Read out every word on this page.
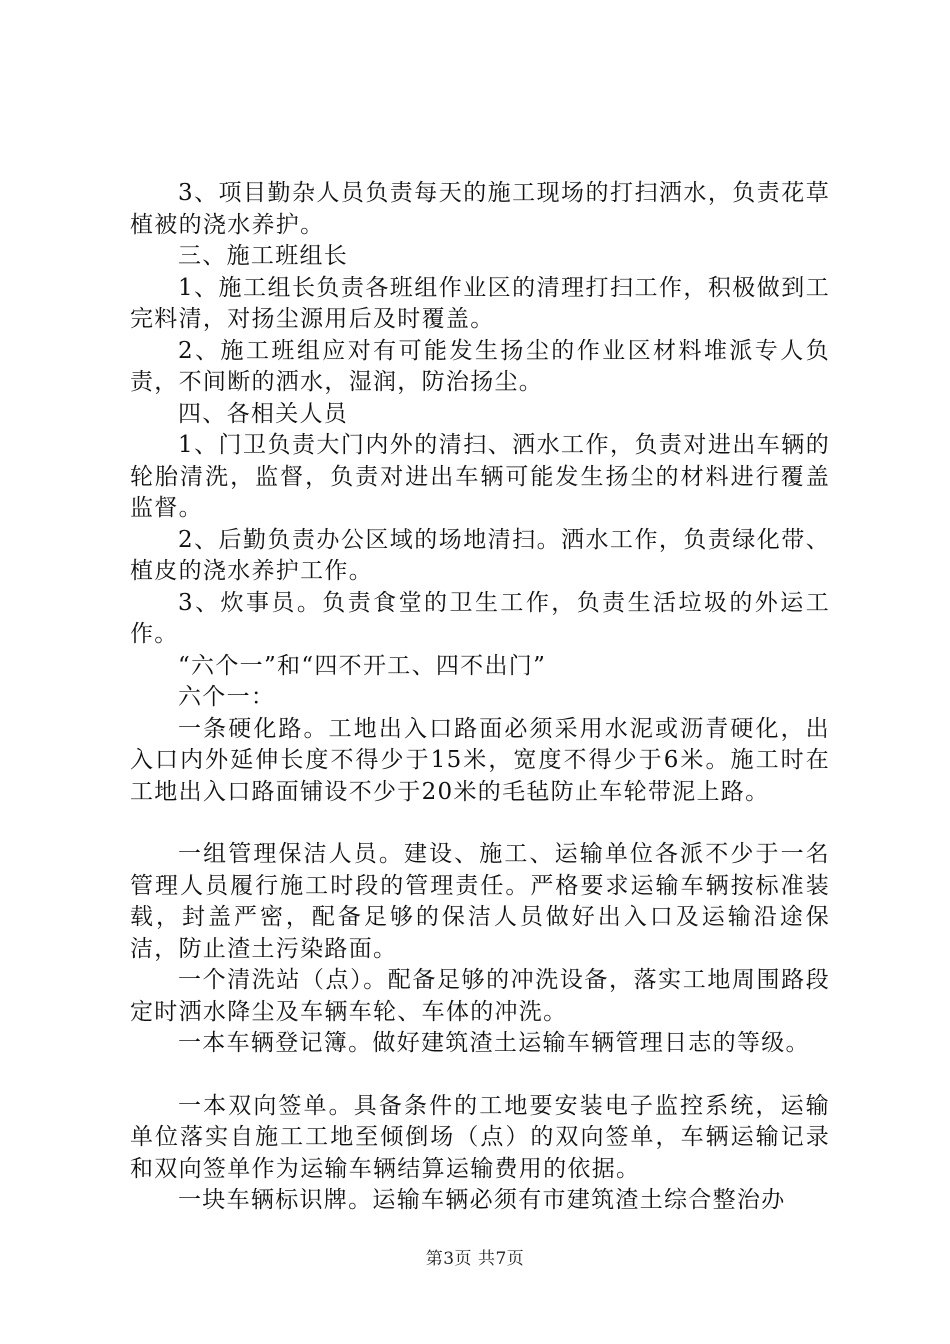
3、项目勤杂人员负责每天的施工现场的打扫洒水，负责花草植被的浇水养护。

三、施工班组长

1、施工组长负责各班组作业区的清理打扫工作，积极做到工完料清，对扬尘源用后及时覆盖。

2、施工班组应对有可能发生扬尘的作业区材料堆派专人负责，不间断的洒水，湿润，防治扬尘。

四、各相关人员

1、门卫负责大门内外的清扫、洒水工作，负责对进出车辆的轮胎清洗，监督，负责对进出车辆可能发生扬尘的材料进行覆盖监督。

2、后勤负责办公区域的场地清扫。洒水工作，负责绿化带、植皮的浇水养护工作。

3、炊事员。负责食堂的卫生工作，负责生活垃圾的外运工作。

“六个一”和“四不开工、四不出门”

六个一：

一条硬化路。工地出入口路面必须采用水泥或沥青硬化，出入口内外延伸长度不得少于15米，宽度不得少于6米。施工时在工地出入口路面铺设不少于20米的毛毡防止车轮带泥上路。

一组管理保洁人员。建设、施工、运输单位各派不少于一名管理人员履行施工时段的管理责任。严格要求运输车辆按标准装载，封盖严密，配备足够的保洁人员做好出入口及运输沿途保洁，防止渣土污染路面。

一个清洗站（点）。配备足够的冲洗设备，落实工地周围路段定时洒水降尘及车辆车轮、车体的冲洗。

一本车辆登记簿。做好建筑渣土运输车辆管理日志的等级。

一本双向签单。具备条件的工地要安装电子监控系统，运输单位落实自施工工地至倾倒场（点）的双向签单，车辆运输记录和双向签单作为运输车辆结算运输费用的依据。

一块车辆标识牌。运输车辆必须有市建筑渣土综合整治办

第3页 共7页
